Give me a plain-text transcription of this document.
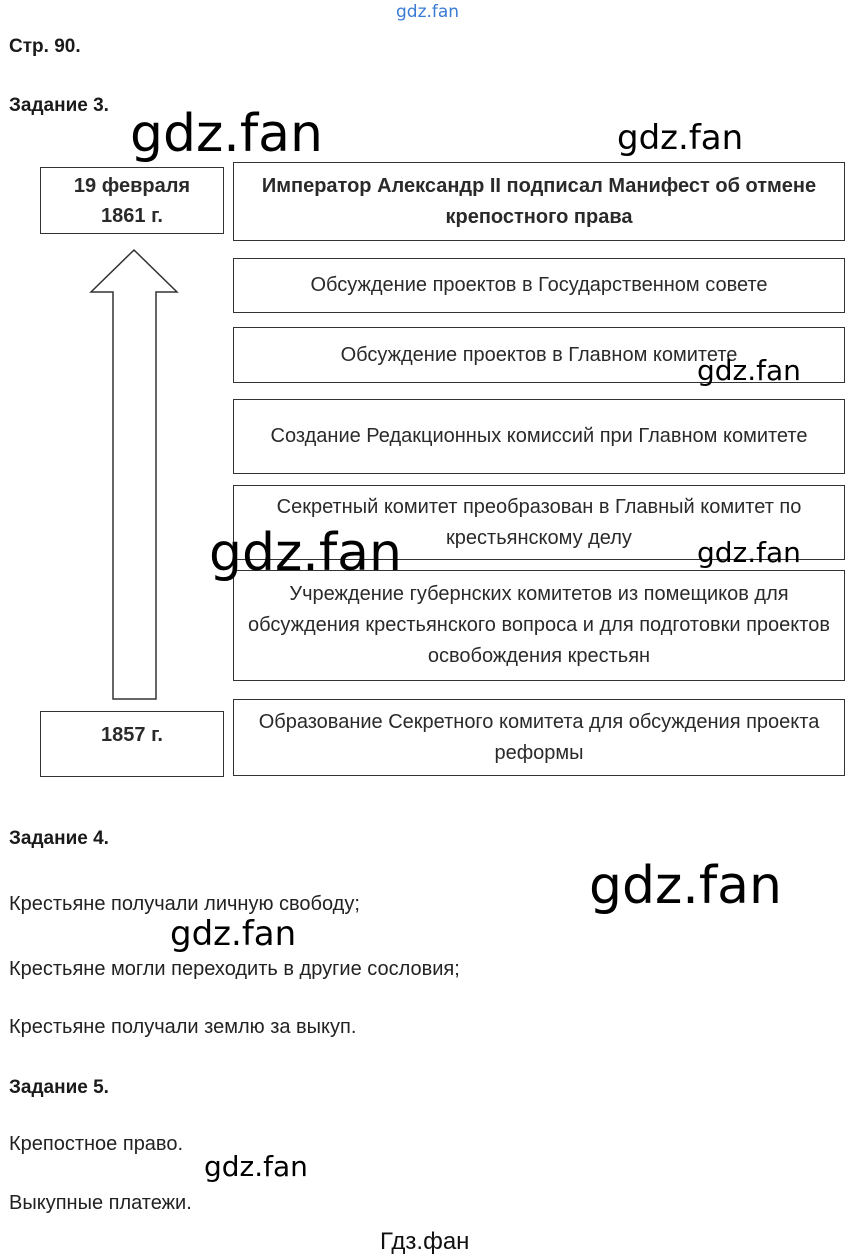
gdz.fan
Стр. 90.
Задание 3.
19 февраля
1861 г.
Император Александр II подписал Манифест об отмене крепостного права
Обсуждение проектов в Государственном совете
Обсуждение проектов в Главном комитете
Создание Редакционных комиссий при Главном комитете
Секретный комитет преобразован в Главный комитет по крестьянскому делу
Учреждение губернских комитетов из помещиков для обсуждения крестьянского вопроса и для подготовки проектов освобождения крестьян
Образование Секретного комитета для обсуждения проекта реформы
1857 г.
Задание 4.
Крестьяне получали личную свободу;
Крестьяне могли переходить в другие сословия;
Крестьяне получали землю за выкуп.
Задание 5.
Крепостное право.
Выкупные платежи.
gdz.fan	gdz.fan
gdz.fan
gdz.fan	gdz.fan
gdz.fan
gdz.fan
gdz.fan
Гдз.фан
